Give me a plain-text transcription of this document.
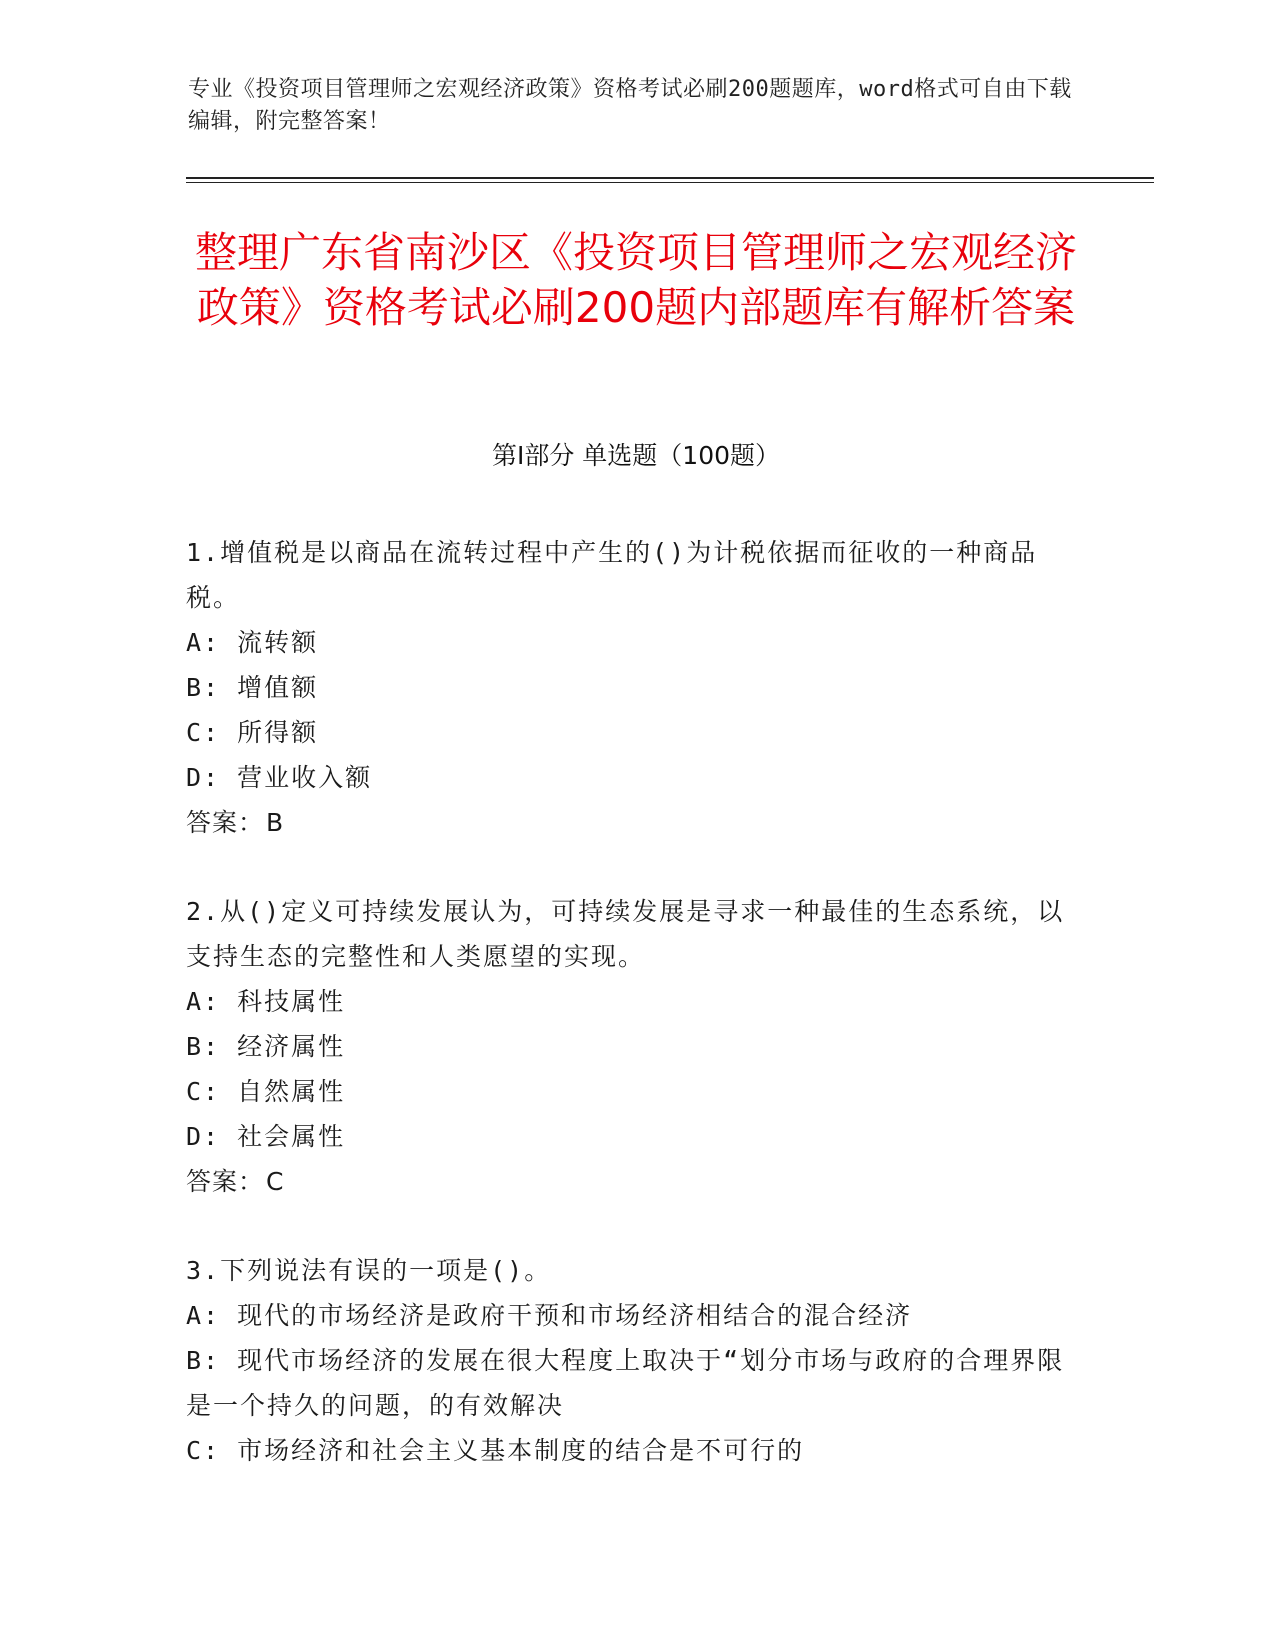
专业《投资项目管理师之宏观经济政策》资格考试必刷200题题库，word格式可自由下载编辑，附完整答案！
整理广东省南沙区《投资项目管理师之宏观经济政策》资格考试必刷200题内部题库有解析答案
第I部分 单选题（100题）

1.增值税是以商品在流转过程中产生的()为计税依据而征收的一种商品税。

A: 流转额

B: 增值额

C: 所得额

D: 营业收入额

答案：B

2.从()定义可持续发展认为，可持续发展是寻求一种最佳的生态系统，以支持生态的完整性和人类愿望的实现。

A: 科技属性

B: 经济属性

C: 自然属性

D: 社会属性

答案：C

3.下列说法有误的一项是()。

A: 现代的市场经济是政府干预和市场经济相结合的混合经济

B: 现代市场经济的发展在很大程度上取决于“划分市场与政府的合理界限是一个持久的问题，的有效解决

C: 市场经济和社会主义基本制度的结合是不可行的
